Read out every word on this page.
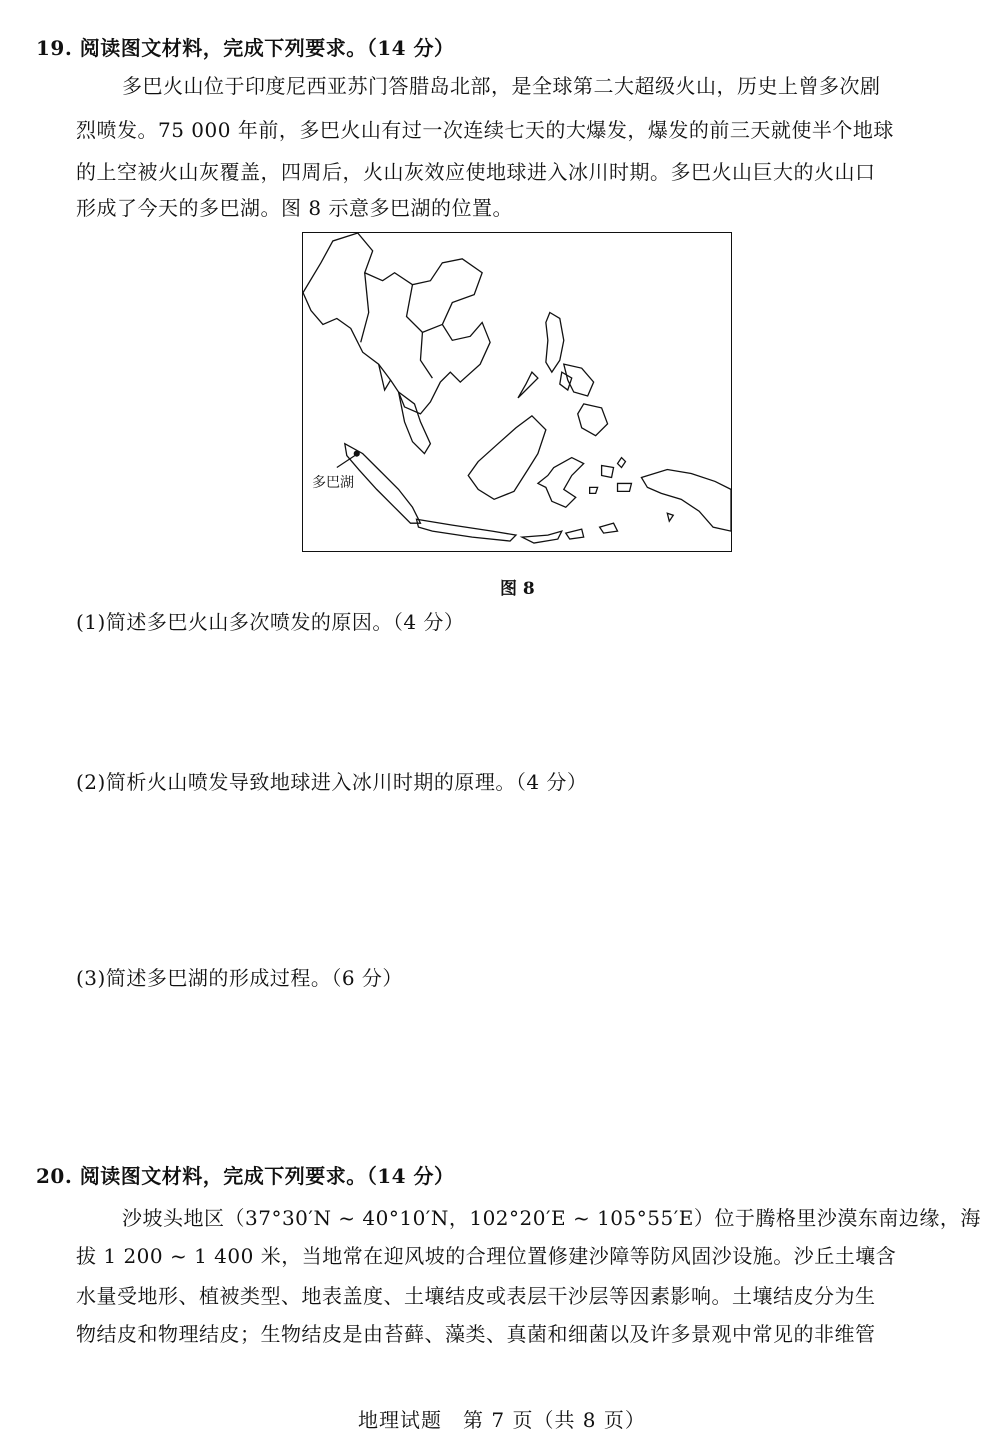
19. 阅读图文材料，完成下列要求。（14 分）
多巴火山位于印度尼西亚苏门答腊岛北部，是全球第二大超级火山，历史上曾多次剧
烈喷发。75 000 年前，多巴火山有过一次连续七天的大爆发，爆发的前三天就使半个地球
的上空被火山灰覆盖，四周后，火山灰效应使地球进入冰川时期。多巴火山巨大的火山口
形成了今天的多巴湖。图 8 示意多巴湖的位置。
多巴湖
图 8
(1)简述多巴火山多次喷发的原因。（4 分）
(2)简析火山喷发导致地球进入冰川时期的原理。（4 分）
(3)简述多巴湖的形成过程。（6 分）
20. 阅读图文材料，完成下列要求。（14 分）
沙坡头地区（37°30′N ~ 40°10′N，102°20′E ~ 105°55′E）位于腾格里沙漠东南边缘，海
拔 1 200 ~ 1 400 米，当地常在迎风坡的合理位置修建沙障等防风固沙设施。沙丘土壤含
水量受地形、植被类型、地表盖度、土壤结皮或表层干沙层等因素影响。土壤结皮分为生
物结皮和物理结皮；生物结皮是由苔藓、藻类、真菌和细菌以及许多景观中常见的非维管
地理试题　第 7 页（共 8 页）
